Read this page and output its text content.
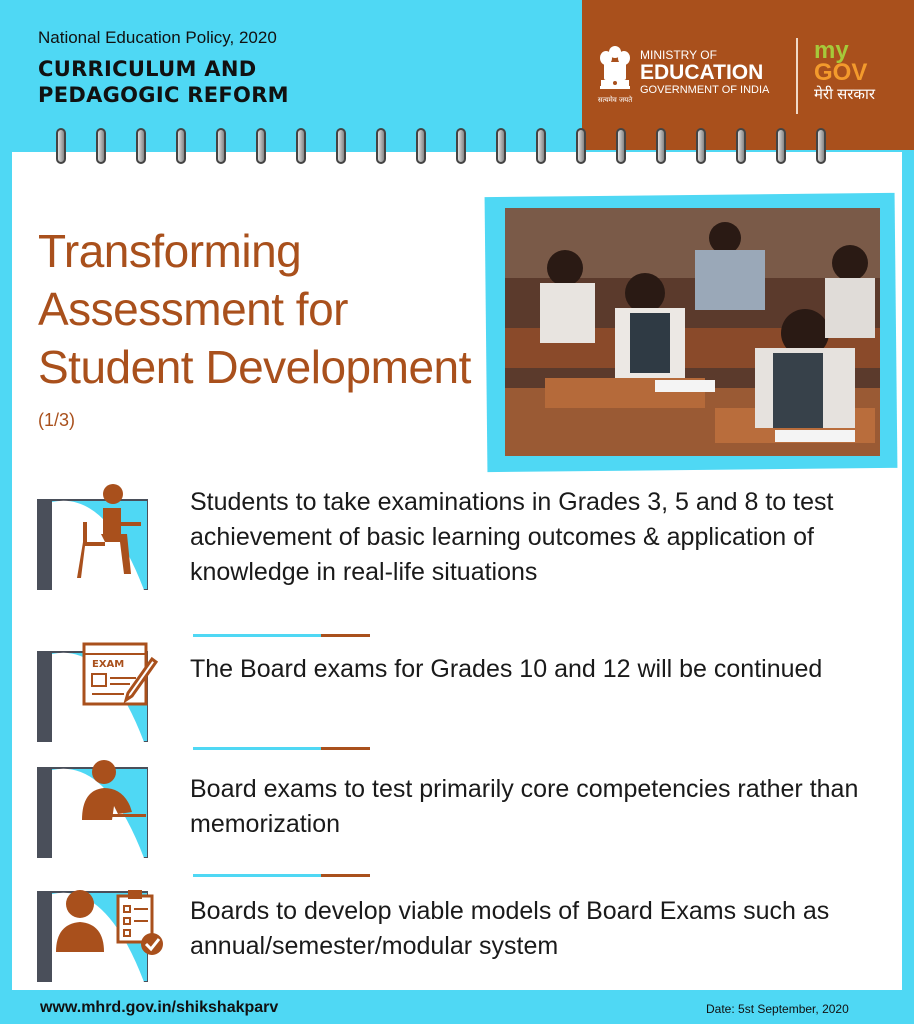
National Education Policy, 2020
CURRICULUM AND
PEDAGOGIC REFORM	सत्यमेव जयते
MINISTRY OF
EDUCATION
GOVERNMENT OF INDIA
my
GOV
मेरी सरकार
Transforming
Assessment for
Student Development
(1/3)
Students to take examinations in Grades 3, 5 and 8 to test achievement of basic learning outcomes & application of knowledge in real-life situations
EXAM	The Board exams for Grades 10 and 12 will be continued
Board exams to test primarily core competencies rather than memorization
Boards to develop viable models of Board Exams such as annual/semester/modular system
www.mhrd.gov.in/shikshakparv	Date: 5st September, 2020
